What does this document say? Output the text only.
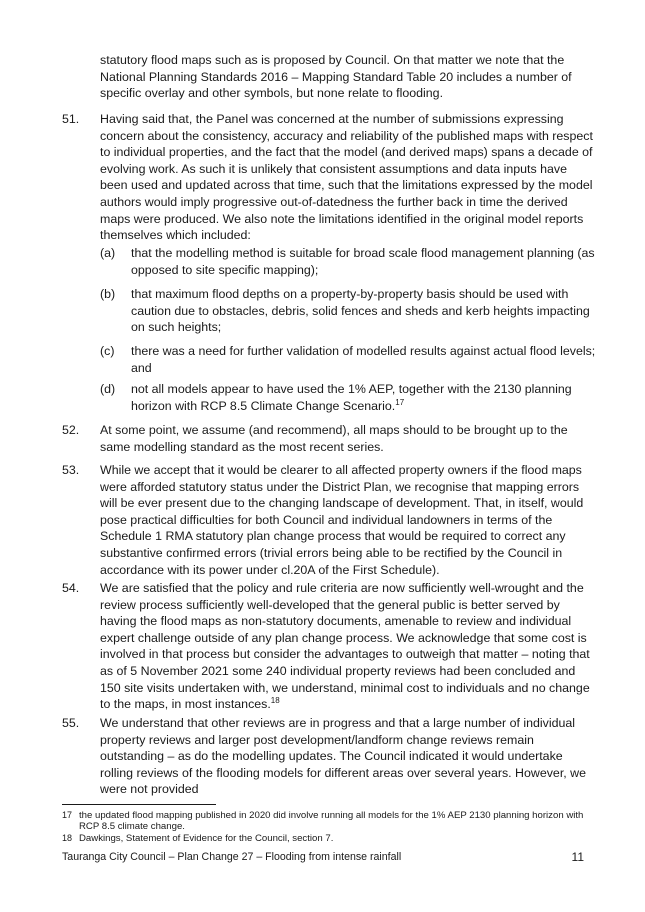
statutory flood maps such as is proposed by Council. On that matter we note that the National Planning Standards 2016 – Mapping Standard Table 20 includes a number of specific overlay and other symbols, but none relate to flooding.

51. Having said that, the Panel was concerned at the number of submissions expressing concern about the consistency, accuracy and reliability of the published maps with respect to individual properties, and the fact that the model (and derived maps) spans a decade of evolving work. As such it is unlikely that consistent assumptions and data inputs have been used and updated across that time, such that the limitations expressed by the model authors would imply progressive out-of-datedness the further back in time the derived maps were produced. We also note the limitations identified in the original model reports themselves which included:

(a) that the modelling method is suitable for broad scale flood management planning (as opposed to site specific mapping);

(b) that maximum flood depths on a property-by-property basis should be used with caution due to obstacles, debris, solid fences and sheds and kerb heights impacting on such heights;

(c) there was a need for further validation of modelled results against actual flood levels; and

(d) not all models appear to have used the 1% AEP, together with the 2130 planning horizon with RCP 8.5 Climate Change Scenario.$^{17}$

52. At some point, we assume (and recommend), all maps should to be brought up to the same modelling standard as the most recent series.

53. While we accept that it would be clearer to all affected property owners if the flood maps were afforded statutory status under the District Plan, we recognise that mapping errors will be ever present due to the changing landscape of development. That, in itself, would pose practical difficulties for both Council and individual landowners in terms of the Schedule 1 RMA statutory plan change process that would be required to correct any substantive confirmed errors (trivial errors being able to be rectified by the Council in accordance with its power under cl.20A of the First Schedule).

54. We are satisfied that the policy and rule criteria are now sufficiently well-wrought and the review process sufficiently well-developed that the general public is better served by having the flood maps as non-statutory documents, amenable to review and individual expert challenge outside of any plan change process. We acknowledge that some cost is involved in that process but consider the advantages to outweigh that matter – noting that as of 5 November 2021 some 240 individual property reviews had been concluded and 150 site visits undertaken with, we understand, minimal cost to individuals and no change to the maps, in most instances.$^{18}$

55. We understand that other reviews are in progress and that a large number of individual property reviews and larger post development/landform change reviews remain outstanding – as do the modelling updates. The Council indicated it would undertake rolling reviews of the flooding models for different areas over several years. However, we were not provided

17 the updated flood mapping published in 2020 did involve running all models for the 1% AEP 2130 planning horizon with RCP 8.5 climate change.

18 Dawkings, Statement of Evidence for the Council, section 7.

Tauranga City Council – Plan Change 27 – Flooding from intense rainfall	11
